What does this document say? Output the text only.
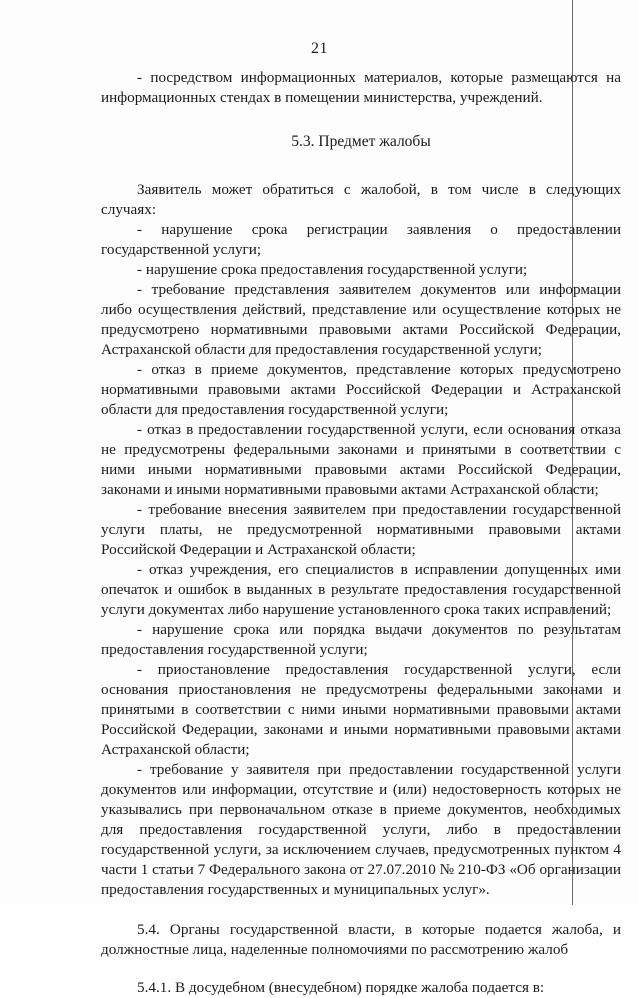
21

- посредством информационных материалов, которые размещаются на информационных стендах в помещении министерства, учреждений.

5.3. Предмет жалобы

Заявитель может обратиться с жалобой, в том числе в следующих случаях:

- нарушение срока регистрации заявления о предоставлении государственной услуги;

- нарушение срока предоставления государственной услуги;

- требование представления заявителем документов или информации либо осуществления действий, представление или осуществление которых не предусмотрено нормативными правовыми актами Российской Федерации, Астраханской области для предоставления государственной услуги;

- отказ в приеме документов, представление которых предусмотрено нормативными правовыми актами Российской Федерации и Астраханской области для предоставления государственной услуги;

- отказ в предоставлении государственной услуги, если основания отказа не предусмотрены федеральными законами и принятыми в соответствии с ними иными нормативными правовыми актами Российской Федерации, законами и иными нормативными правовыми актами Астраханской области;

- требование внесения заявителем при предоставлении государственной услуги платы, не предусмотренной нормативными правовыми актами Российской Федерации и Астраханской области;

- отказ учреждения, его специалистов в исправлении допущенных ими опечаток и ошибок в выданных в результате предоставления государственной услуги документах либо нарушение установленного срока таких исправлений;

- нарушение срока или порядка выдачи документов по результатам предоставления государственной услуги;

- приостановление предоставления государственной услуги, если основания приостановления не предусмотрены федеральными законами и принятыми в соответствии с ними иными нормативными правовыми актами Российской Федерации, законами и иными нормативными правовыми актами Астраханской области;

- требование у заявителя при предоставлении государственной услуги документов или информации, отсутствие и (или) недостоверность которых не указывались при первоначальном отказе в приеме документов, необходимых для предоставления государственной услуги, либо в предоставлении государственной услуги, за исключением случаев, предусмотренных пунктом 4 части 1 статьи 7 Федерального закона от 27.07.2010 № 210-ФЗ «Об организации предоставления государственных и муниципальных услуг».

5.4. Органы государственной власти, в которые подается жалоба, и должностные лица, наделенные полномочиями по рассмотрению жалоб

5.4.1. В досудебном (внесудебном) порядке жалоба подается в:
